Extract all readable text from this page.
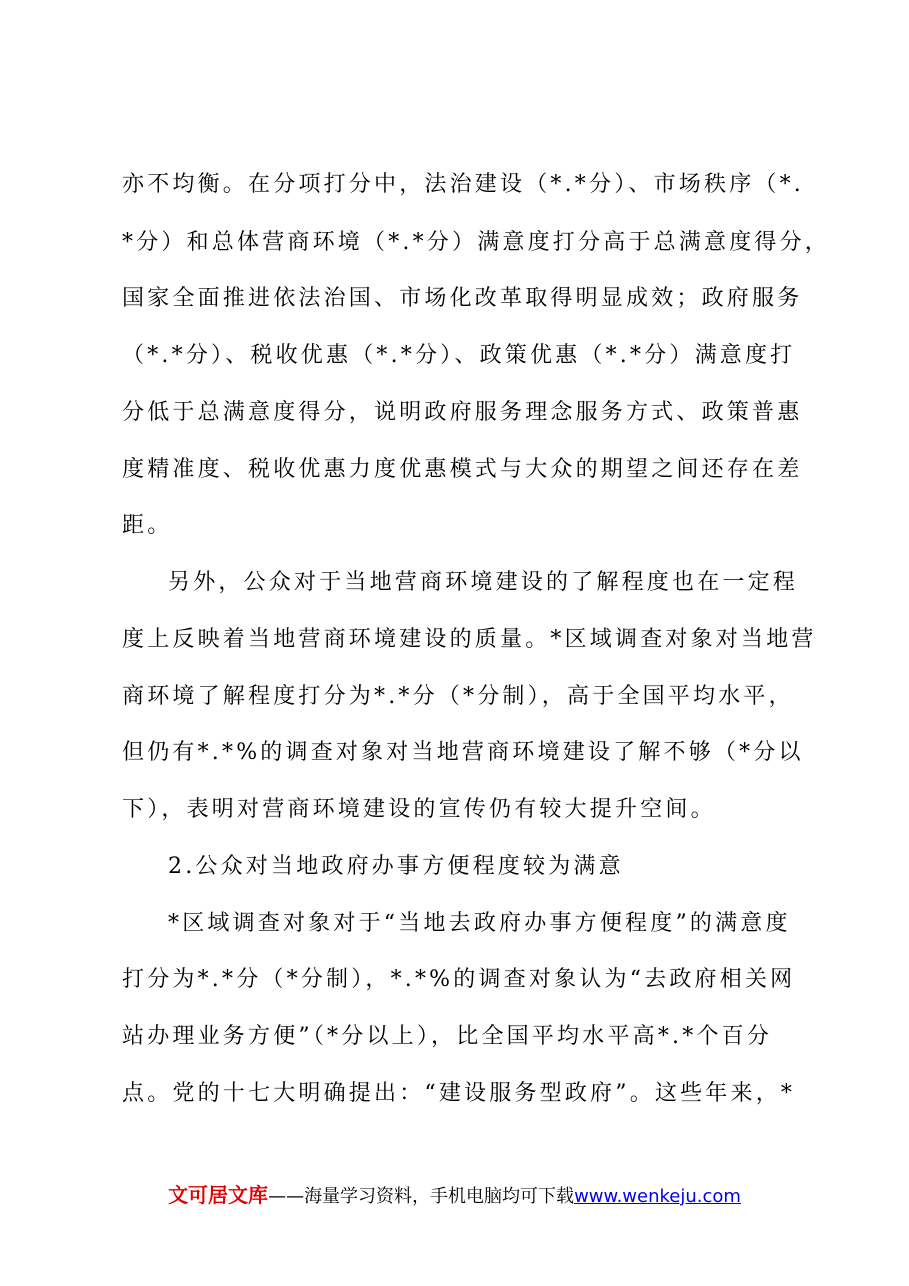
亦不均衡。在分项打分中，法治建设（*.*分）、市场秩序（*.
*分）和总体营商环境（*.*分）满意度打分高于总满意度得分，
国家全面推进依法治国、市场化改革取得明显成效；政府服务
（*.*分）、税收优惠（*.*分）、政策优惠（*.*分）满意度打
分低于总满意度得分，说明政府服务理念服务方式、政策普惠
度精准度、税收优惠力度优惠模式与大众的期望之间还存在差
距。
另外，公众对于当地营商环境建设的了解程度也在一定程
度上反映着当地营商环境建设的质量。*区域调查对象对当地营
商环境了解程度打分为*.*分（*分制），高于全国平均水平，
但仍有*.*%的调查对象对当地营商环境建设了解不够（*分以
下），表明对营商环境建设的宣传仍有较大提升空间。
2.公众对当地政府办事方便程度较为满意
*区域调查对象对于“当地去政府办事方便程度”的满意度
打分为*.*分（*分制），*.*%的调查对象认为“去政府相关网
站办理业务方便”（*分以上），比全国平均水平高*.*个百分
点。党的十七大明确提出：“建设服务型政府”。这些年来，*
文可居文库——海量学习资料，手机电脑均可下载www.wenkeju.com
